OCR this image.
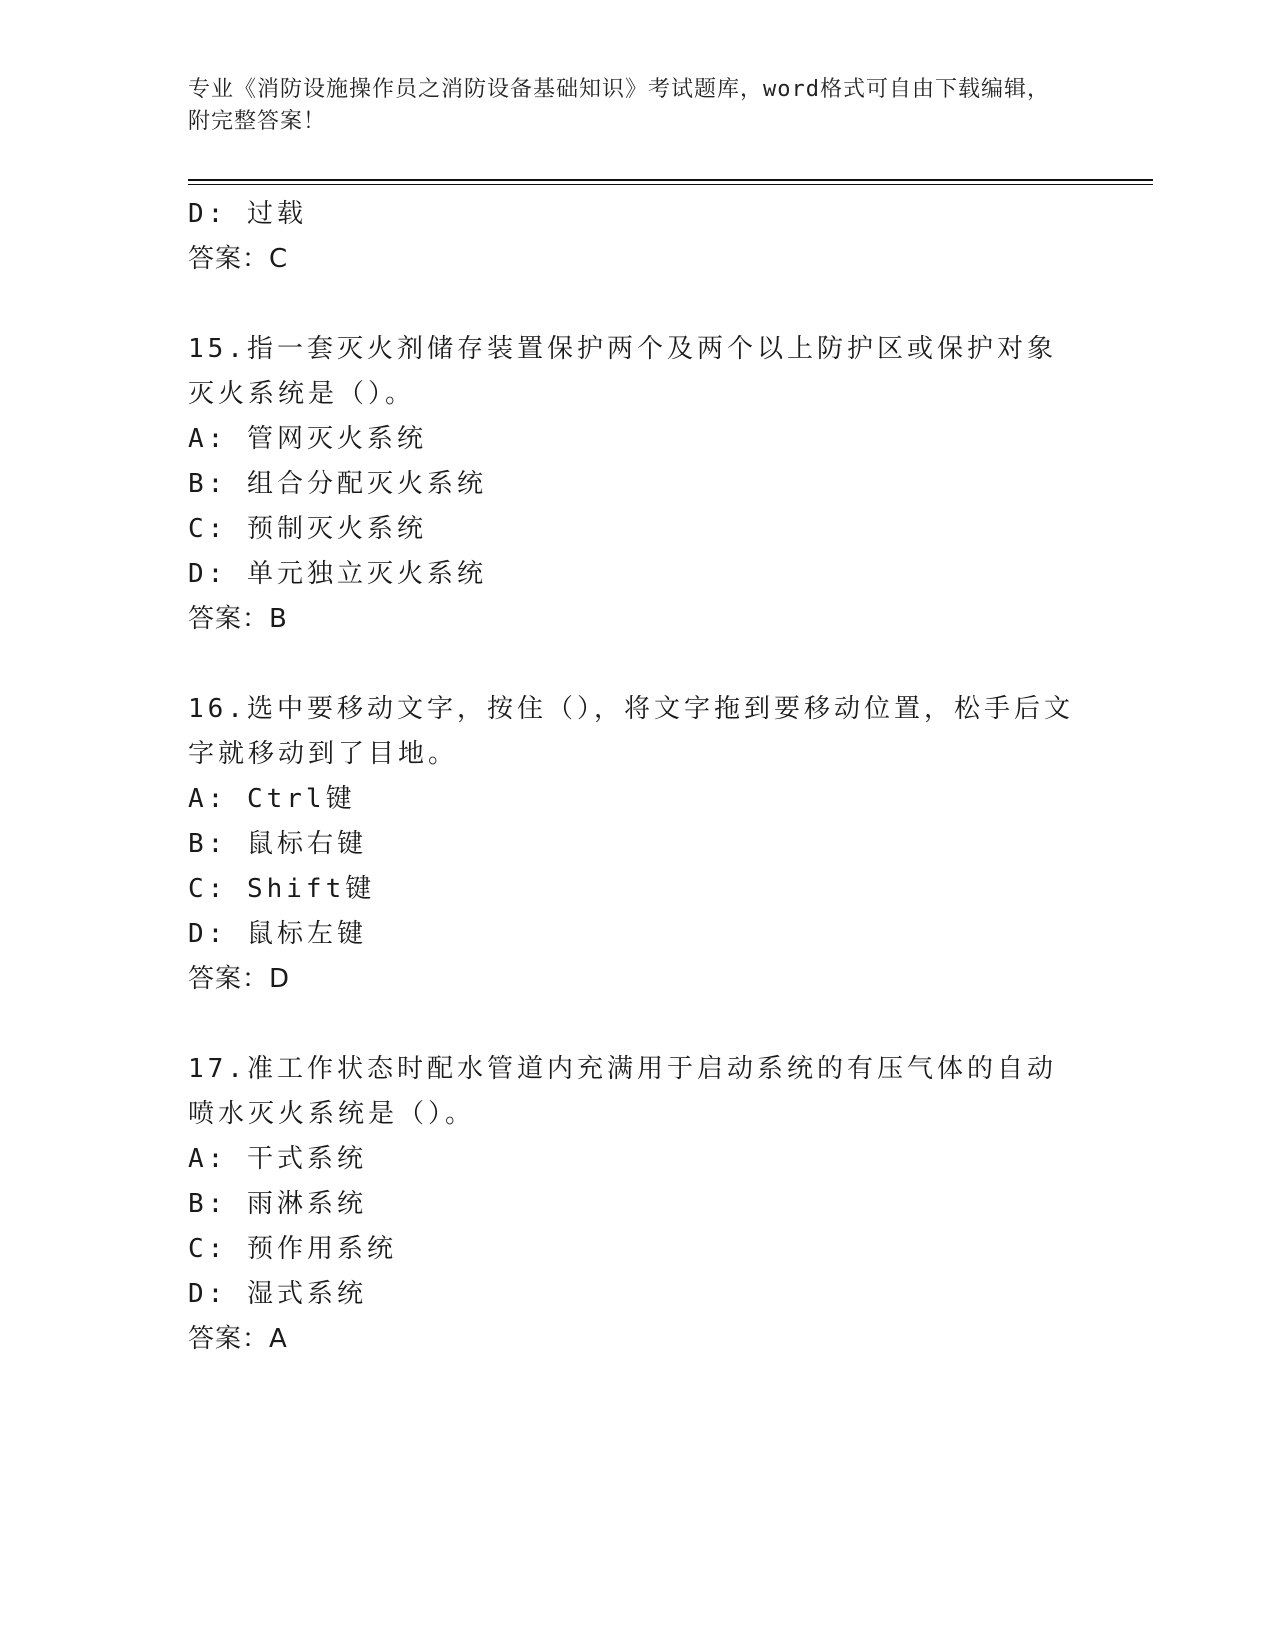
专业《消防设施操作员之消防设备基础知识》考试题库，word格式可自由下载编辑，附完整答案！
D: 过载
答案：C
15.指一套灭火剂储存装置保护两个及两个以上防护区或保护对象灭火系统是（）。
A: 管网灭火系统
B: 组合分配灭火系统
C: 预制灭火系统
D: 单元独立灭火系统
答案：B
16.选中要移动文字，按住（），将文字拖到要移动位置，松手后文字就移动到了目地。
A: Ctrl键
B: 鼠标右键
C: Shift键
D: 鼠标左键
答案：D
17.准工作状态时配水管道内充满用于启动系统的有压气体的自动喷水灭火系统是（）。
A: 干式系统
B: 雨淋系统
C: 预作用系统
D: 湿式系统
答案：A
